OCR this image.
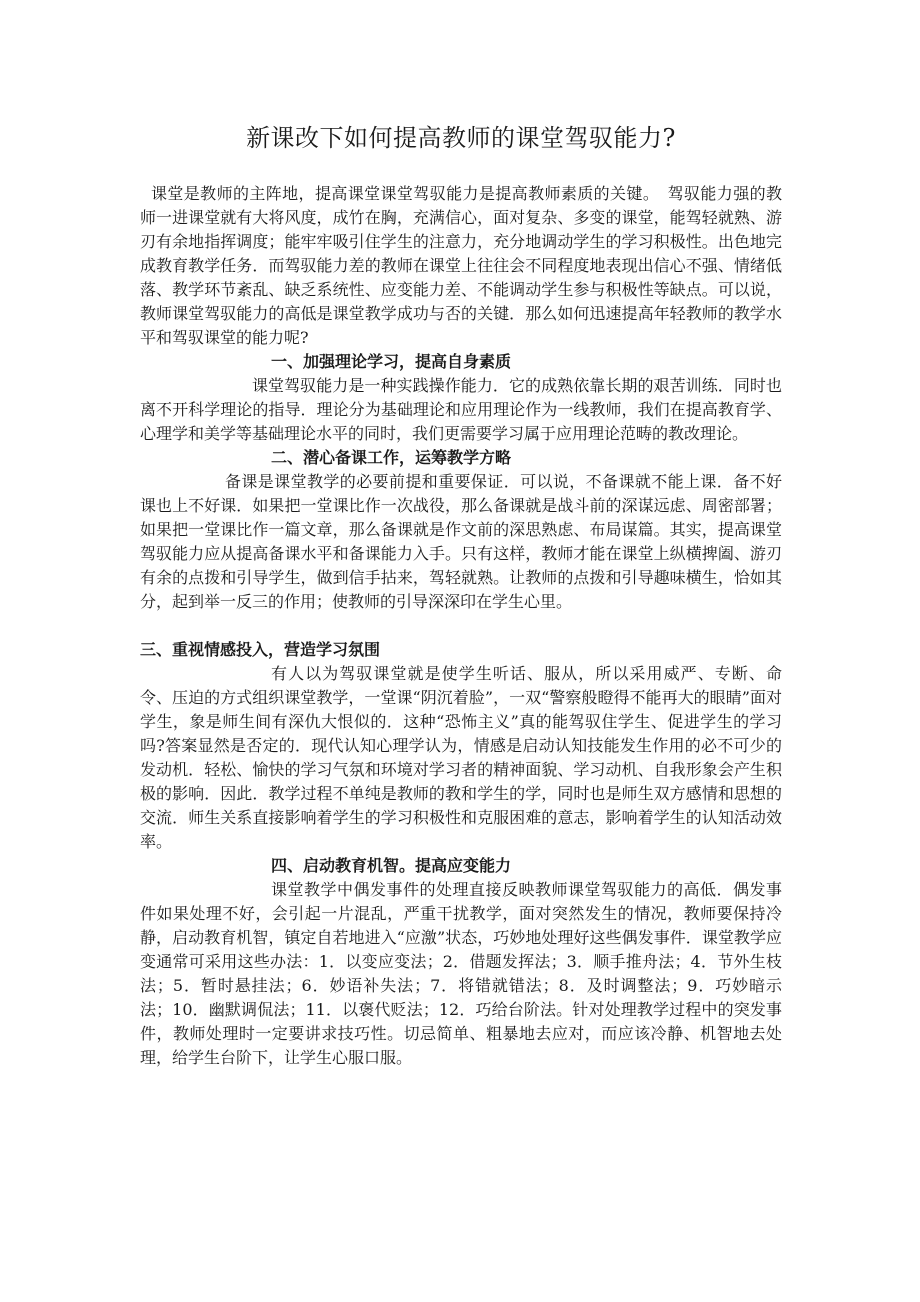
新课改下如何提高教师的课堂驾驭能力?

课堂是教师的主阵地，提高课堂课堂驾驭能力是提高教师素质的关键。　驾驭能力强的教师一进课堂就有大将风度，成竹在胸，充满信心，面对复杂、多变的课堂，能驾轻就熟、游刃有余地指挥调度；能牢牢吸引住学生的注意力，充分地调动学生的学习积极性。出色地完成教育教学任务．而驾驭能力差的教师在课堂上往往会不同程度地表现出信心不强、情绪低落、教学环节紊乱、缺乏系统性、应变能力差、不能调动学生参与积极性等缺点。可以说，教师课堂驾驭能力的高低是课堂教学成功与否的关键．那么如何迅速提高年轻教师的教学水平和驾驭课堂的能力呢?

一、加强理论学习，提高自身素质

课堂驾驭能力是一种实践操作能力．它的成熟依靠长期的艰苦训练．同时也离不开科学理论的指导．理论分为基础理论和应用理论作为一线教师，我们在提高教育学、心理学和美学等基础理论水平的同时，我们更需要学习属于应用理论范畴的教改理论。

二、潜心备课工作，运筹教学方略

备课是课堂教学的必要前提和重要保证．可以说，不备课就不能上课．备不好课也上不好课．如果把一堂课比作一次战役，那么备课就是战斗前的深谋远虑、周密部署；如果把一堂课比作一篇文章，那么备课就是作文前的深思熟虑、布局谋篇。其实，提高课堂驾驭能力应从提高备课水平和备课能力入手。只有这样，教师才能在课堂上纵横捭阖、游刃有余的点拨和引导学生，做到信手拈来，驾轻就熟。让教师的点拨和引导趣味横生，恰如其分，起到举一反三的作用；使教师的引导深深印在学生心里。

三、重视情感投入，营造学习氛围

有人以为驾驭课堂就是使学生听话、服从，所以采用威严、专断、命令、压迫的方式组织课堂教学，一堂课“阴沉着脸”，一双“警察般瞪得不能再大的眼睛”面对学生，象是师生间有深仇大恨似的．这种“恐怖主义”真的能驾驭住学生、促进学生的学习吗?答案显然是否定的．现代认知心理学认为，情感是启动认知技能发生作用的必不可少的发动机．轻松、愉快的学习气氛和环境对学习者的精神面貌、学习动机、自我形象会产生积极的影响．因此．教学过程不单纯是教师的教和学生的学，同时也是师生双方感情和思想的交流．师生关系直接影响着学生的学习积极性和克服困难的意志，影响着学生的认知活动效率。

四、启动教育机智。提高应变能力

课堂教学中偶发事件的处理直接反映教师课堂驾驭能力的高低．偶发事件如果处理不好，会引起一片混乱，严重干扰教学，面对突然发生的情况，教师要保持冷静，启动教育机智，镇定自若地进入“应激”状态，巧妙地处理好这些偶发事件．课堂教学应变通常可采用这些办法：1．以变应变法；2．借题发挥法；3．顺手推舟法；4．节外生枝法；5．暂时悬挂法；6．妙语补失法；7．将错就错法；8．及时调整法；9．巧妙暗示法；10．幽默调侃法；11．以褒代贬法；12．巧给台阶法。针对处理教学过程中的突发事件，教师处理时一定要讲求技巧性。切忌简单、粗暴地去应对，而应该冷静、机智地去处理，给学生台阶下，让学生心服口服。
